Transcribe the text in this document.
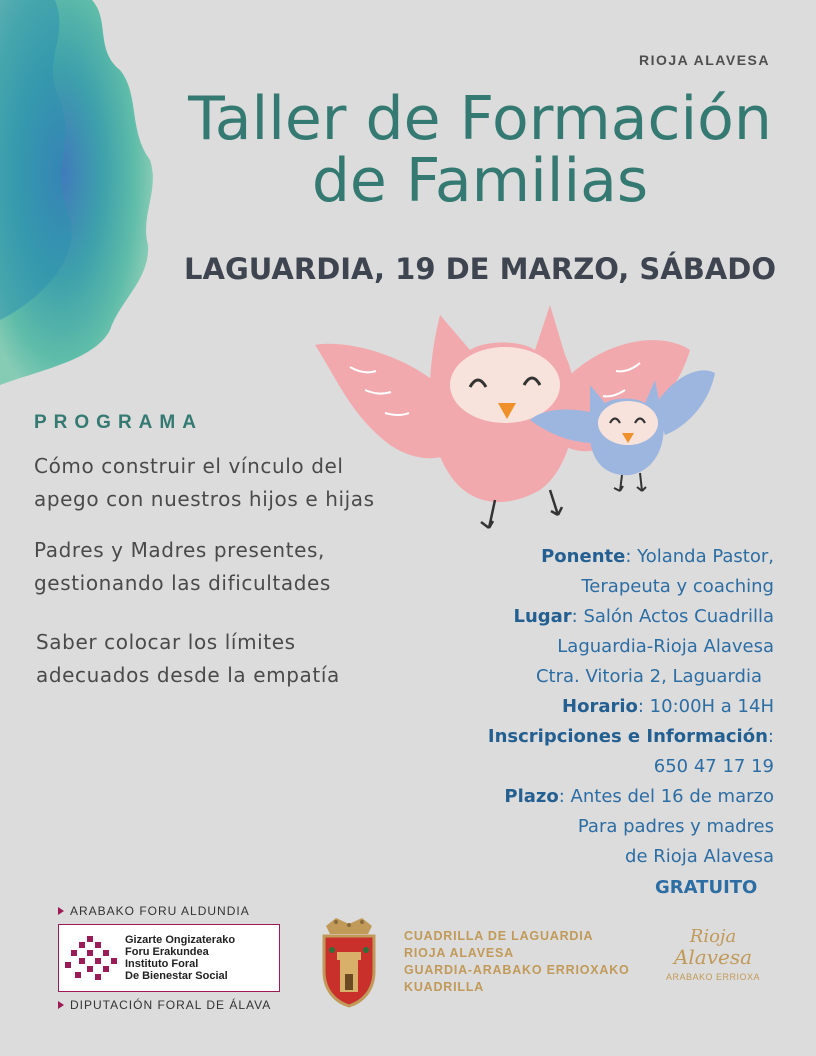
RIOJA ALAVESA
Taller de Formación
de Familias
LAGUARDIA, 19 DE MARZO, SÁBADO
PROGRAMA
Cómo construir el vínculo del
apego con nuestros hijos e hijas
Padres y Madres presentes,
gestionando las dificultades
Saber colocar los límites
adecuados desde la empatía
Ponente: Yolanda Pastor,
Terapeuta y coaching
Lugar: Salón Actos Cuadrilla
Laguardia-Rioja Alavesa
Ctra. Vitoria 2, Laguardia
Horario: 10:00H a 14H
Inscripciones e Información:
650 47 17 19
Plazo: Antes del 16 de marzo
Para padres y madres
de Rioja Alavesa
GRATUITO
ARABAKO FORU ALDUNDIA
Gizarte Ongizaterako
Foru Erakundea
Instituto Foral
De Bienestar Social
DIPUTACIÓN FORAL DE ÁLAVA
CUADRILLA DE LAGUARDIA
RIOJA ALAVESA
GUARDIA-ARABAKO ERRIOXAKO
KUADRILLA
Rioja
Alavesa
ARABAKO ERRIOXA
